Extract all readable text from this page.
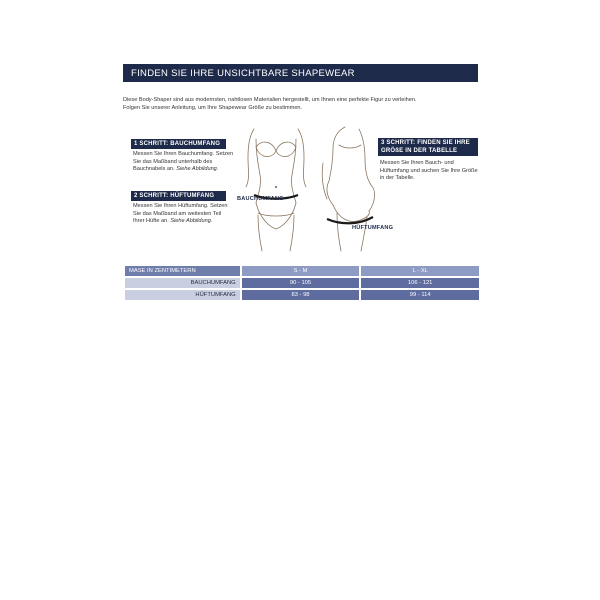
FINDEN SIE IHRE UNSICHTBARE SHAPEWEAR
Diese Body-Shaper sind aus modernsten, nahtlosen Materialien hergestellt, um Ihnen eine perfekte Figur zu verleihen.
Folgen Sie unserer Anleitung, um Ihre Shapewear Größe zu bestimmen.
1 SCHRITT: BAUCHUMFANG
Messen Sie Ihren Bauchumfang. Setzen Sie das Maßband unterhalb des Bauchnabels an. Siehe Abbildung.
2 SCHRITT: HÜFTUMFANG
Messen Sie Ihren Hüftumfang. Setzen Sie das Maßband am weitesten Teil Ihrer Hüfte an. Siehe Abbildung.
3 SCHRITT: FINDEN SIE IHRE
GRÖßE IN DER TABELLE
Messen Sie Ihren Bauch- und Hüftumfang und suchen Sie Ihre Größe in der Tabelle.
BAUCHUMFANG
HÜFTUMFANG
MASE IN ZENTIMETERN	S - M	L - XL
BAUCHUMFANG	90 - 105	106 - 121
HÜFTUMFANG	83 - 98	99 - 114
